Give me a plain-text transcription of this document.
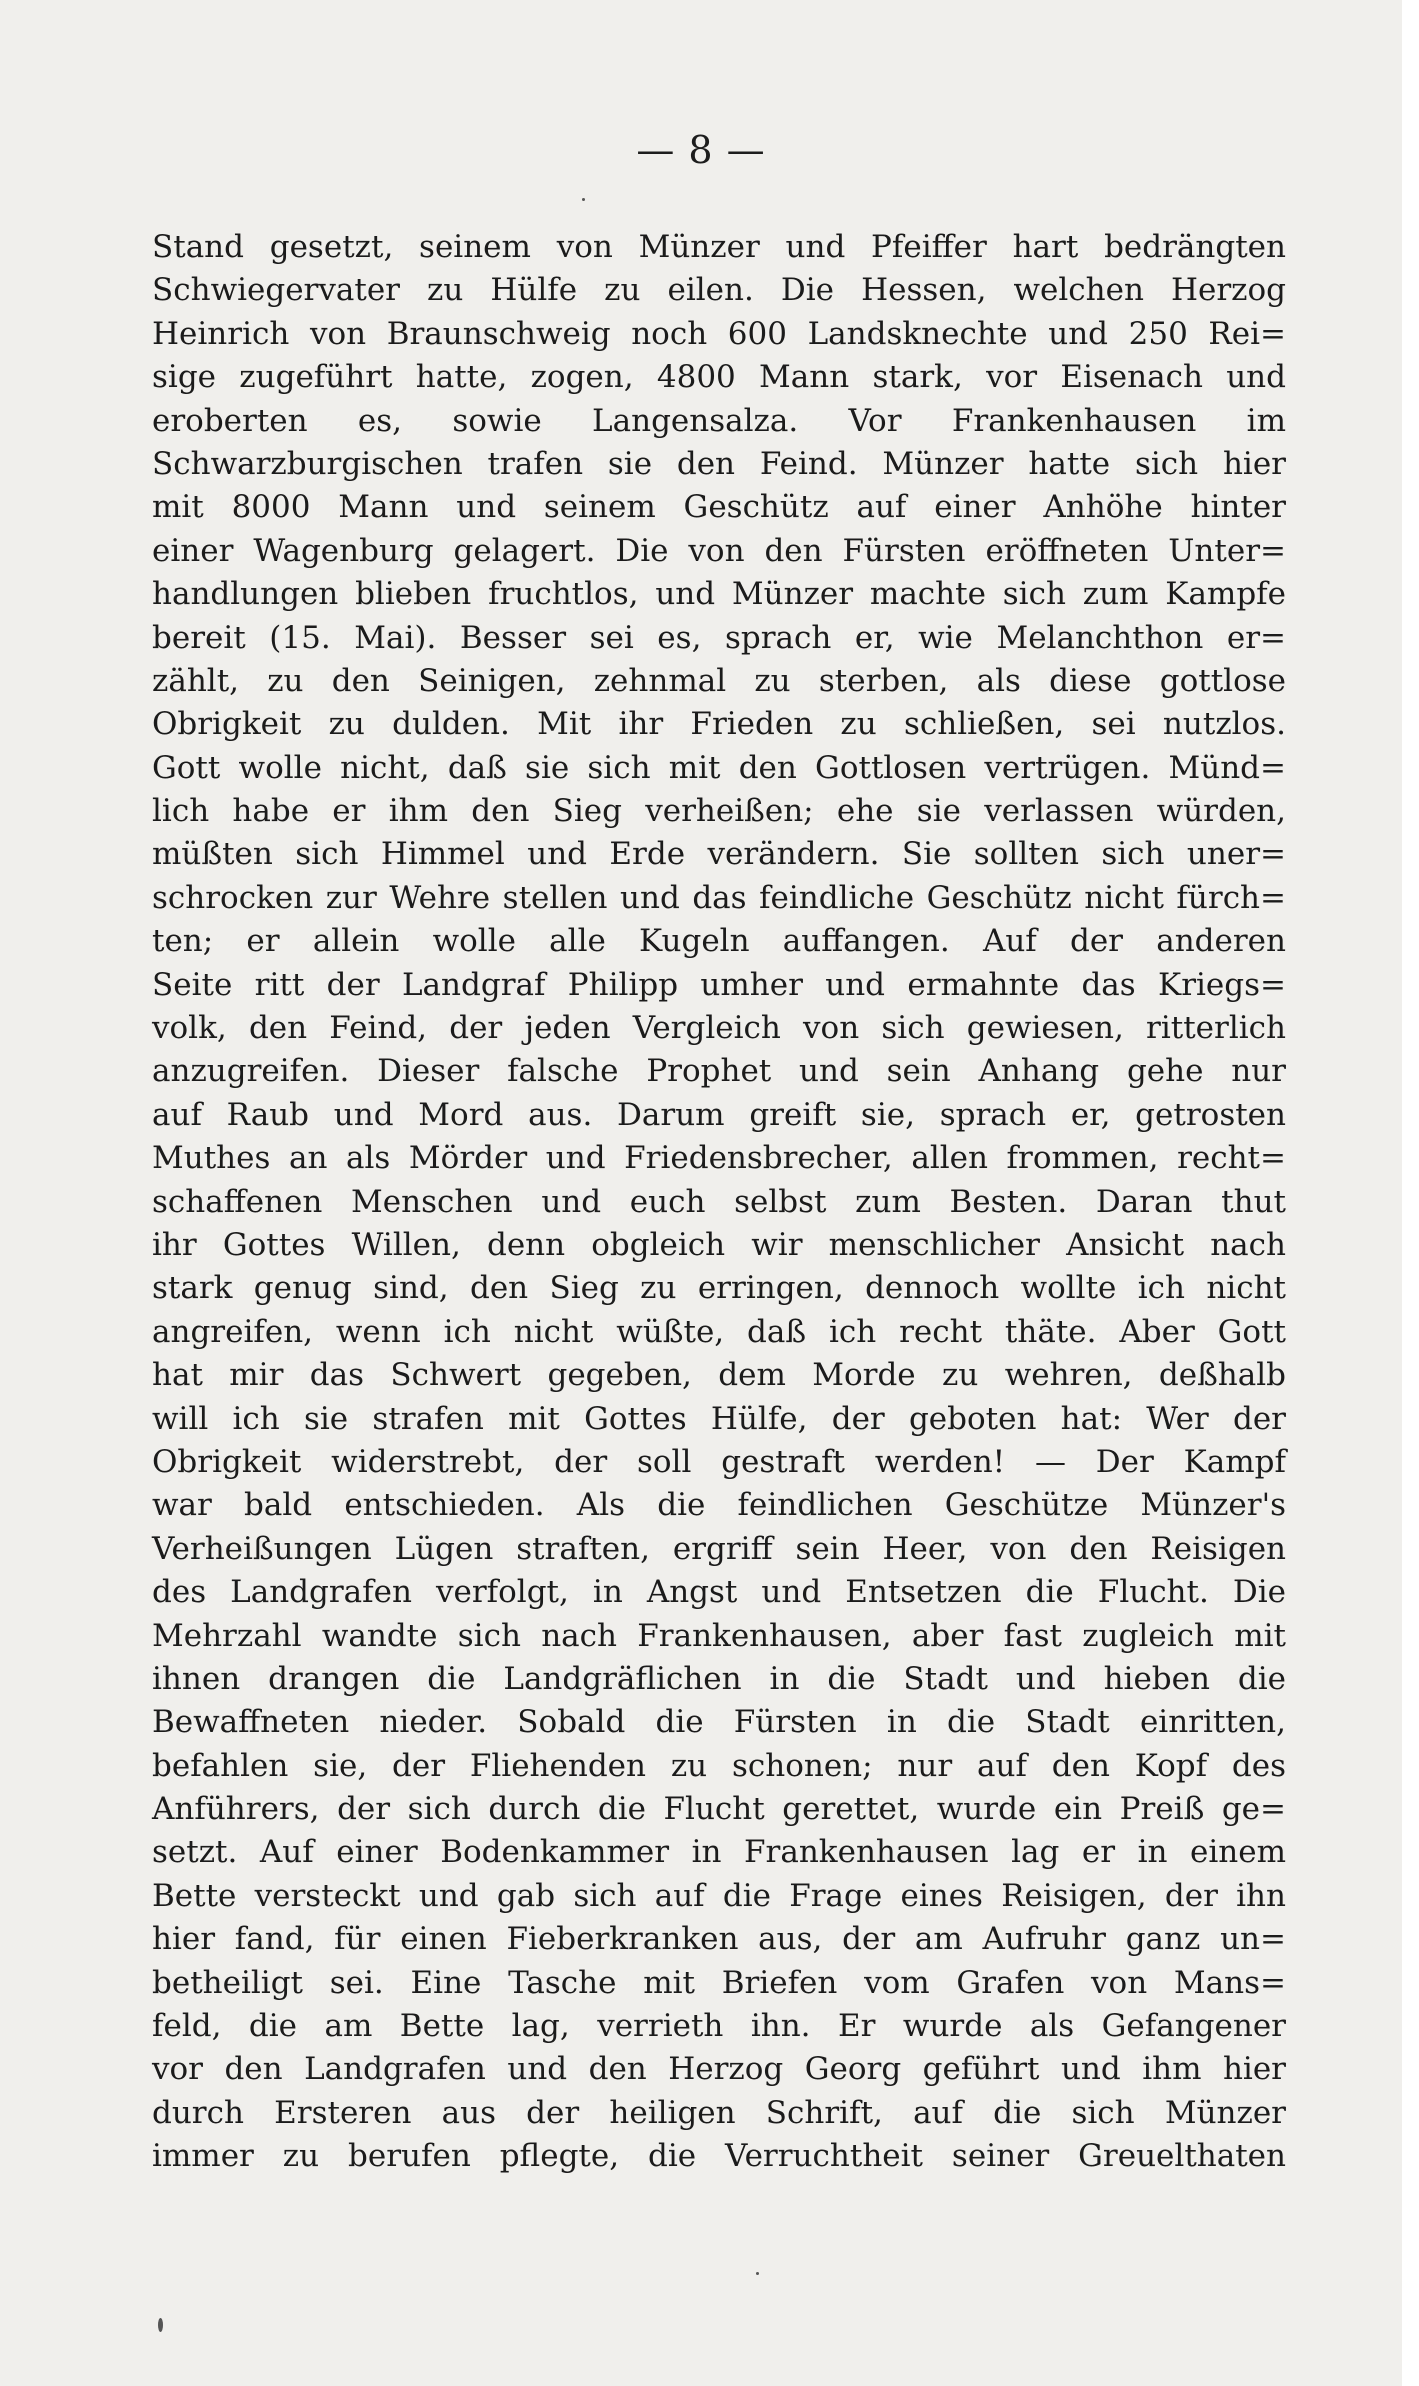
— 8 —
Stand gesetzt, seinem von Münzer und Pfeiffer hart bedrängten
Schwiegervater zu Hülfe zu eilen. Die Hessen, welchen Herzog
Heinrich von Braunschweig noch 600 Landsknechte und 250 Rei=
sige zugeführt hatte, zogen, 4800 Mann stark, vor Eisenach und
eroberten es, sowie Langensalza. Vor Frankenhausen im
Schwarzburgischen trafen sie den Feind. Münzer hatte sich hier
mit 8000 Mann und seinem Geschütz auf einer Anhöhe hinter
einer Wagenburg gelagert. Die von den Fürsten eröffneten Unter=
handlungen blieben fruchtlos, und Münzer machte sich zum Kampfe
bereit (15. Mai). Besser sei es, sprach er, wie Melanchthon er=
zählt, zu den Seinigen, zehnmal zu sterben, als diese gottlose
Obrigkeit zu dulden. Mit ihr Frieden zu schließen, sei nutzlos.
Gott wolle nicht, daß sie sich mit den Gottlosen vertrügen. Münd=
lich habe er ihm den Sieg verheißen; ehe sie verlassen würden,
müßten sich Himmel und Erde verändern. Sie sollten sich uner=
schrocken zur Wehre stellen und das feindliche Geschütz nicht fürch=
ten; er allein wolle alle Kugeln auffangen. Auf der anderen
Seite ritt der Landgraf Philipp umher und ermahnte das Kriegs=
volk, den Feind, der jeden Vergleich von sich gewiesen, ritterlich
anzugreifen. Dieser falsche Prophet und sein Anhang gehe nur
auf Raub und Mord aus. Darum greift sie, sprach er, getrosten
Muthes an als Mörder und Friedensbrecher, allen frommen, recht=
schaffenen Menschen und euch selbst zum Besten. Daran thut
ihr Gottes Willen, denn obgleich wir menschlicher Ansicht nach
stark genug sind, den Sieg zu erringen, dennoch wollte ich nicht
angreifen, wenn ich nicht wüßte, daß ich recht thäte. Aber Gott
hat mir das Schwert gegeben, dem Morde zu wehren, deßhalb
will ich sie strafen mit Gottes Hülfe, der geboten hat: Wer der
Obrigkeit widerstrebt, der soll gestraft werden! — Der Kampf
war bald entschieden. Als die feindlichen Geschütze Münzer's
Verheißungen Lügen straften, ergriff sein Heer, von den Reisigen
des Landgrafen verfolgt, in Angst und Entsetzen die Flucht. Die
Mehrzahl wandte sich nach Frankenhausen, aber fast zugleich mit
ihnen drangen die Landgräflichen in die Stadt und hieben die
Bewaffneten nieder. Sobald die Fürsten in die Stadt einritten,
befahlen sie, der Fliehenden zu schonen; nur auf den Kopf des
Anführers, der sich durch die Flucht gerettet, wurde ein Preiß ge=
setzt. Auf einer Bodenkammer in Frankenhausen lag er in einem
Bette versteckt und gab sich auf die Frage eines Reisigen, der ihn
hier fand, für einen Fieberkranken aus, der am Aufruhr ganz un=
betheiligt sei. Eine Tasche mit Briefen vom Grafen von Mans=
feld, die am Bette lag, verrieth ihn. Er wurde als Gefangener
vor den Landgrafen und den Herzog Georg geführt und ihm hier
durch Ersteren aus der heiligen Schrift, auf die sich Münzer
immer zu berufen pflegte, die Verruchtheit seiner Greuelthaten
